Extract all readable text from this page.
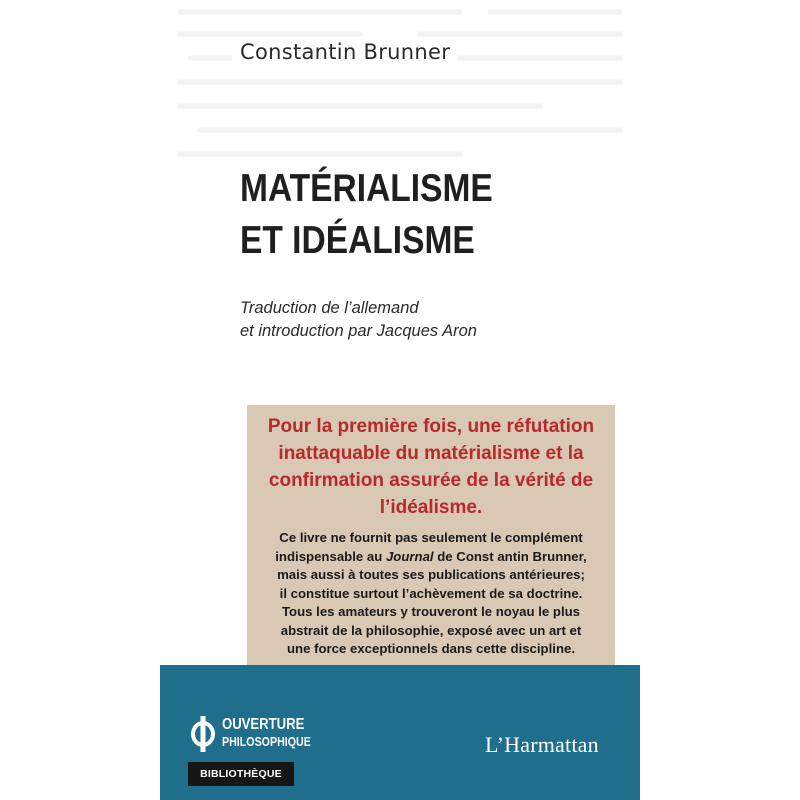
Constantin Brunner
MATÉRIALISME
ET IDÉALISME
Traduction de l’allemand
et introduction par Jacques Aron
Pour la première fois, une réfutation
inattaquable du matérialisme et la
confirmation assurée de la vérité de
l’idéalisme.
Ce livre ne fournit pas seulement le complément
indispensable au Journal de Const antin Brunner,
mais aussi à toutes ses publications antérieures;
il constitue surtout l’achèvement de sa doctrine.
Tous les amateurs y trouveront le noyau le plus
abstrait de la philosophie, exposé avec un art et
une force exceptionnels dans cette discipline.
OUVERTURE
PHILOSOPHIQUE
BIBLIOTHÈQUE
L’Harmattan
